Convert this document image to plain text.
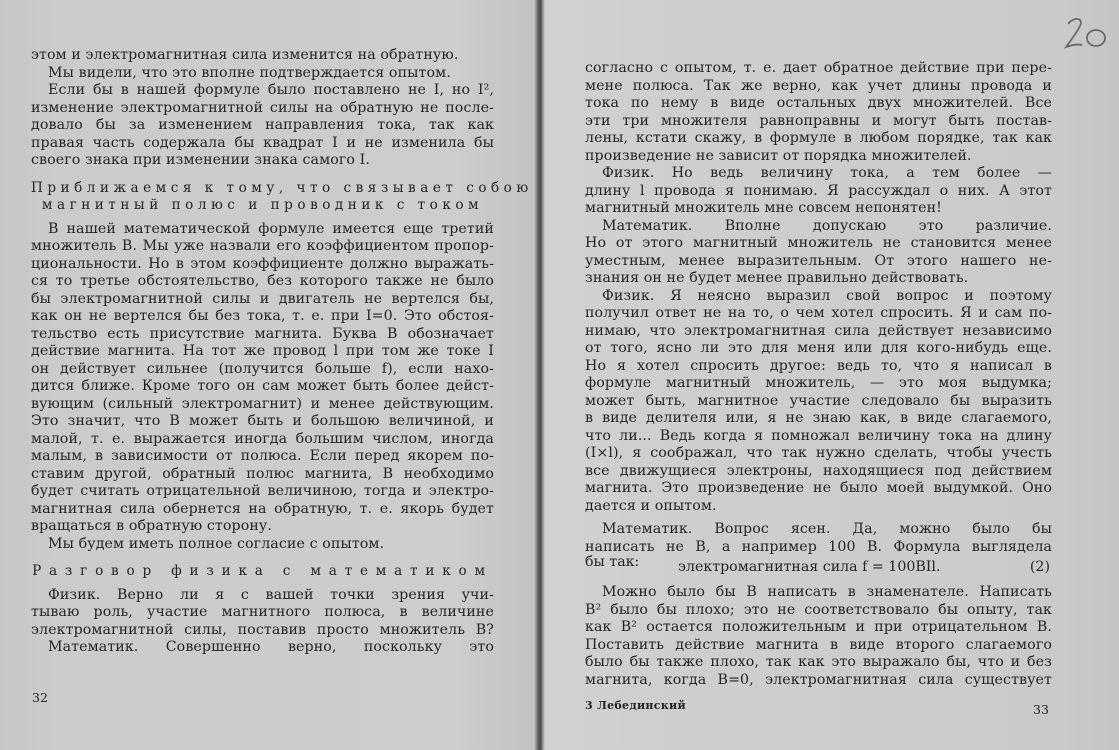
этом и электромагнитная сила изменится на обратную.
Мы видели, что это вполне подтверждается опытом.
Если бы в нашей формуле было поставлено не I, но I²,
изменение электромагнитной силы на обратную не после-
довало бы за изменением направления тока, так как
правая часть содержала бы квадрат I и не изменила бы
своего знака при изменении знака самого I.
Приближаемся к тому, что связывает собою
магнитный полюс и проводник с током
В нашей математической формуле имеется еще третий
множитель B. Мы уже назвали его коэффициентом пропор-
циональности. Но в этом коэффициенте должно выражать-
ся то третье обстоятельство, без которого также не было
бы электромагнитной силы и двигатель не вертелся бы,
как он не вертелся бы без тока, т. е. при I=0. Это обстоя-
тельство есть присутствие магнита. Буква B обозначает
действие магнита. На тот же провод l при том же токе I
он действует сильнее (получится больше f), если нахо-
дится ближе. Кроме того он сам может быть более дейст-
вующим (сильный электромагнит) и менее действующим.
Это значит, что B может быть и большою величиной, и
малой, т. е. выражается иногда большим числом, иногда
малым, в зависимости от полюса. Если перед якорем по-
ставим другой, обратный полюс магнита, B необходимо
будет считать отрицательной величиною, тогда и электро-
магнитная сила обернется на обратную, т. е. якорь будет
вращаться в обратную сторону.
Мы будем иметь полное согласие с опытом.
Разговор физика с математиком
Физик. Верно ли я с вашей точки зрения учи-
тываю роль, участие магнитного полюса, в величине
электромагнитной силы, поставив просто множитель B?
Математик. Совершенно верно, поскольку это
32
согласно с опытом, т. е. дает обратное действие при пере-
мене полюса. Так же верно, как учет длины провода и
тока по нему в виде остальных двух множителей. Все
эти три множителя равноправны и могут быть постав-
лены, кстати скажу, в формуле в любом порядке, так как
произведение не зависит от порядка множителей.
Физик. Но ведь величину тока, а тем более —
длину l провода я понимаю. Я рассуждал о них. А этот
магнитный множитель мне совсем непонятен!
Математик. Вполне допускаю это различие.
Но от этого магнитный множитель не становится менее
уместным, менее выразительным. От этого нашего не-
знания он не будет менее правильно действовать.
Физик. Я неясно выразил свой вопрос и поэтому
получил ответ не на то, о чем хотел спросить. Я и сам по-
нимаю, что электромагнитная сила действует независимо
от того, ясно ли это для меня или для кого-нибудь еще.
Но я хотел спросить другое: ведь то, что я написал в
формуле магнитный множитель, — это моя выдумка;
может быть, магнитное участие следовало бы выразить
в виде делителя или, я не знаю как, в виде слагаемого,
что ли... Ведь когда я помножал величину тока на длину
(I×l), я соображал, что так нужно сделать, чтобы учесть
все движущиеся электроны, находящиеся под действием
магнита. Это произведение не было моей выдумкой. Оно
дается и опытом.
Математик. Вопрос ясен. Да, можно было бы
написать не B, а например 100 B. Формула выглядела
бы так:	электромагнитная сила f = 100BIl.	(2)
Можно было бы B написать в знаменателе. Написать
B² было бы плохо; это не соответствовало бы опыту, так
как B² остается положительным и при отрицательном B.
Поставить действие магнита в виде второго слагаемого
было бы также плохо, так как это выражало бы, что и без
магнита, когда B=0, электромагнитная сила существует
3 Лебединский	33
